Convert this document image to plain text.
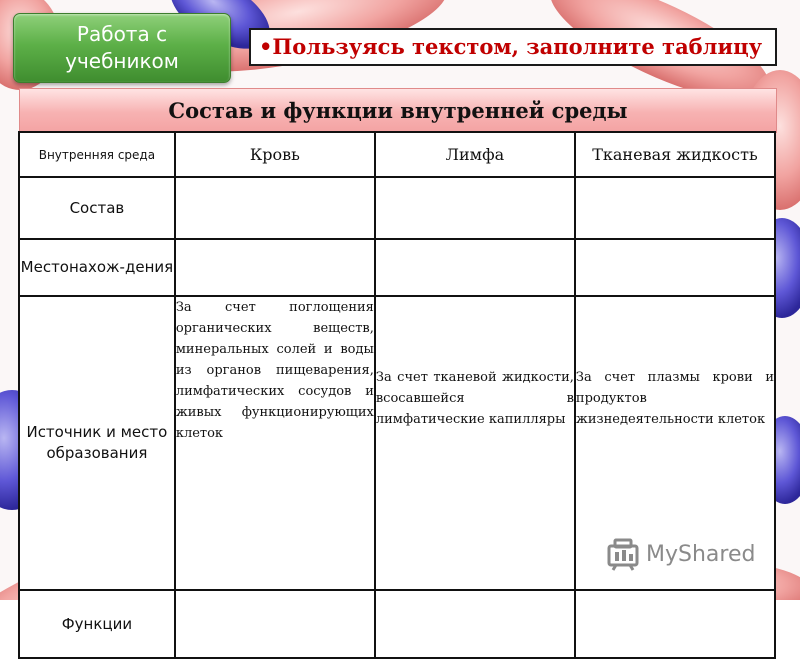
Работа с
учебником
•Пользуясь текстом, заполните таблицу
Состав и функции внутренней среды
Внутренняя среда	Кровь	Лимфа	Тканевая жидкость
Состав			
Местонахож-дения			
Источник и место образования	За счет поглощения органических веществ, минеральных солей и воды из органов пищеварения, лимфатических сосудов и живых функционирующих клеток	За счет тканевой жидкости, всосавшейся в лимфатические капилляры	За счет плазмы крови и продуктов жизнедеятельности клеток
Функции			
MyShared
